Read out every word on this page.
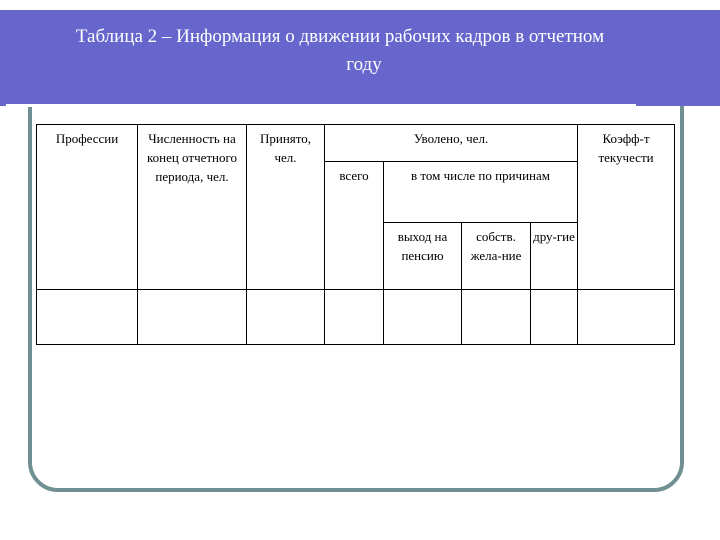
Таблица 2 – Информация о движении рабочих кадров в отчетном
году
Профессии	Численность на конец отчетного периода, чел.	Принято, чел.	Уволено, чел.				Коэфф-т текучести
			всего	в том числе по причинам			
				выход на пенсию	собств. жела-ние	дру-гие	
